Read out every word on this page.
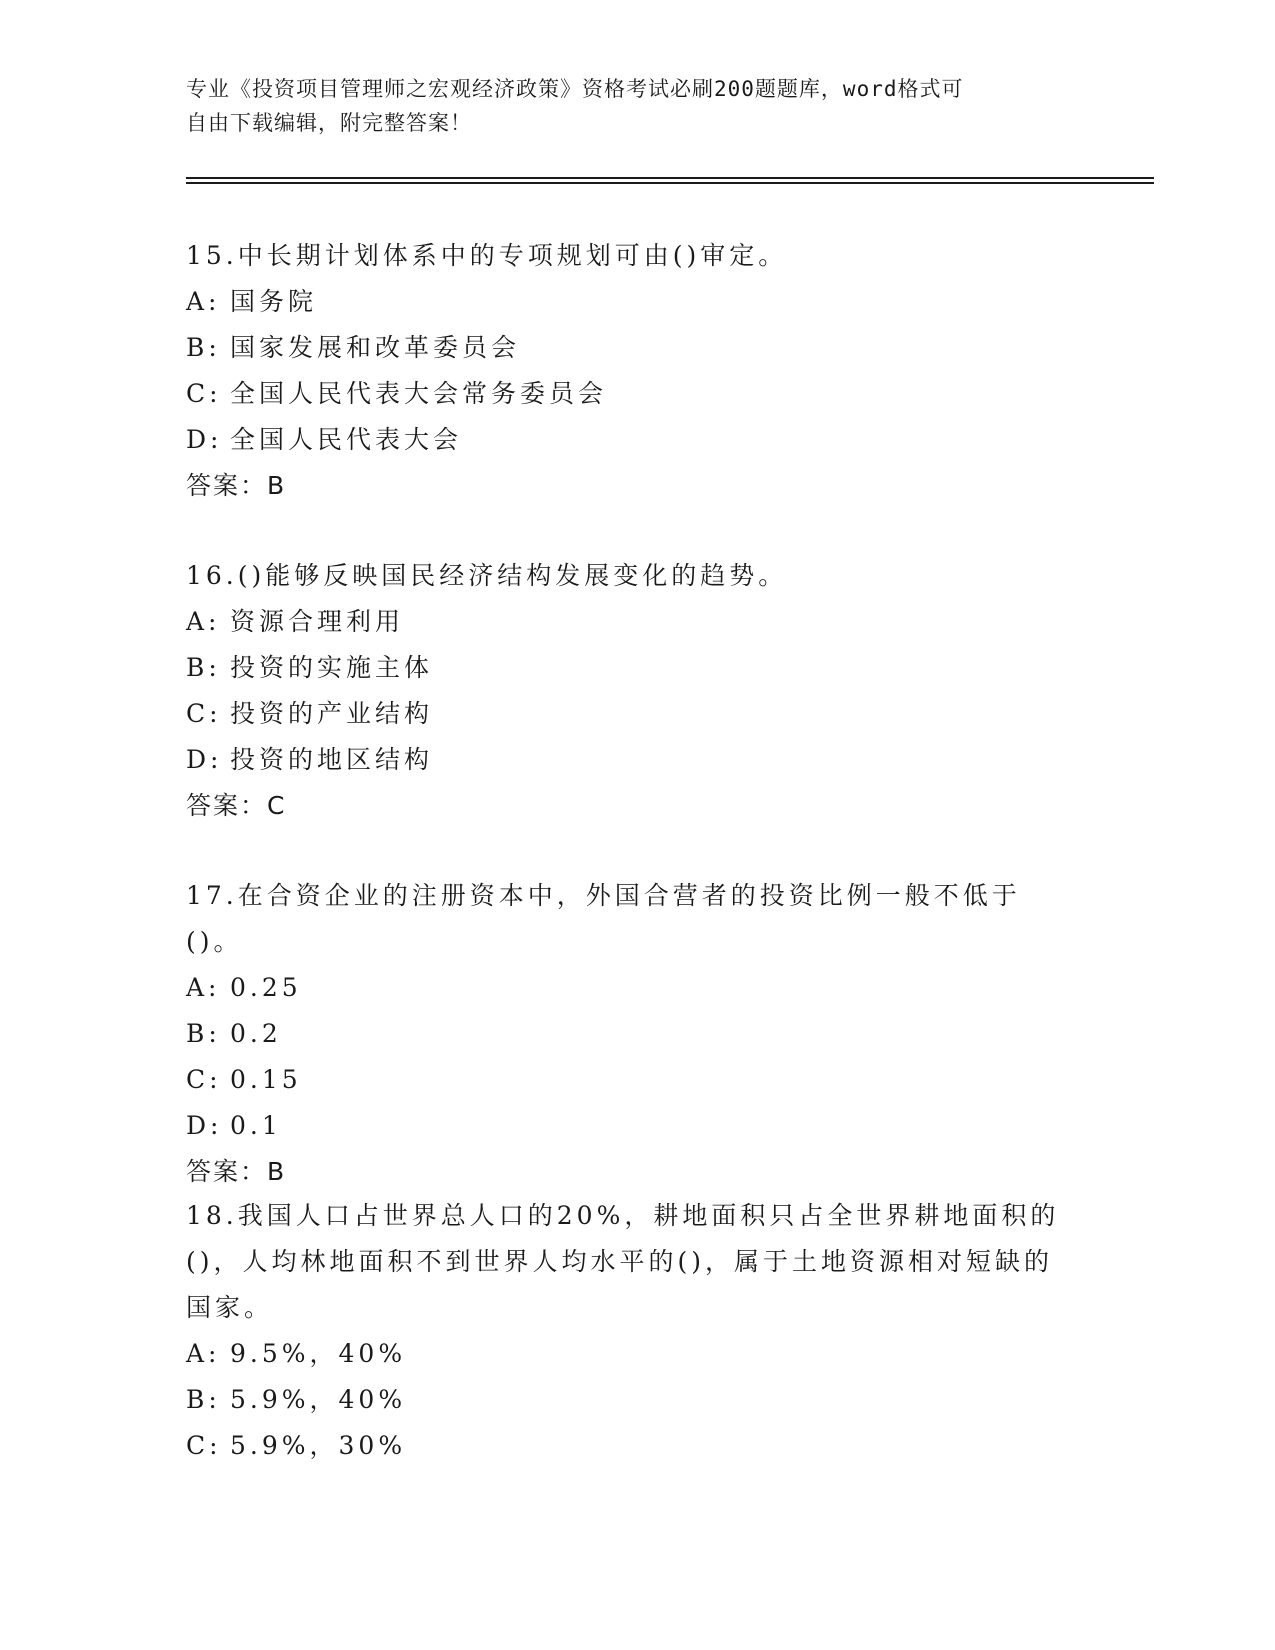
专业《投资项目管理师之宏观经济政策》资格考试必刷200题题库，word格式可
自由下载编辑，附完整答案！
15.中长期计划体系中的专项规划可由()审定。
A: 国务院
B: 国家发展和改革委员会
C: 全国人民代表大会常务委员会
D: 全国人民代表大会
答案：B
16.()能够反映国民经济结构发展变化的趋势。
A: 资源合理利用
B: 投资的实施主体
C: 投资的产业结构
D: 投资的地区结构
答案：C
17.在合资企业的注册资本中，外国合营者的投资比例一般不低于()。
A: 0.25
B: 0.2
C: 0.15
D: 0.1
答案：B
18.我国人口占世界总人口的20%，耕地面积只占全世界耕地面积的()，人均林地面积不到世界人均水平的()，属于土地资源相对短缺的国家。
A: 9.5%，40%
B: 5.9%，40%
C: 5.9%，30%
